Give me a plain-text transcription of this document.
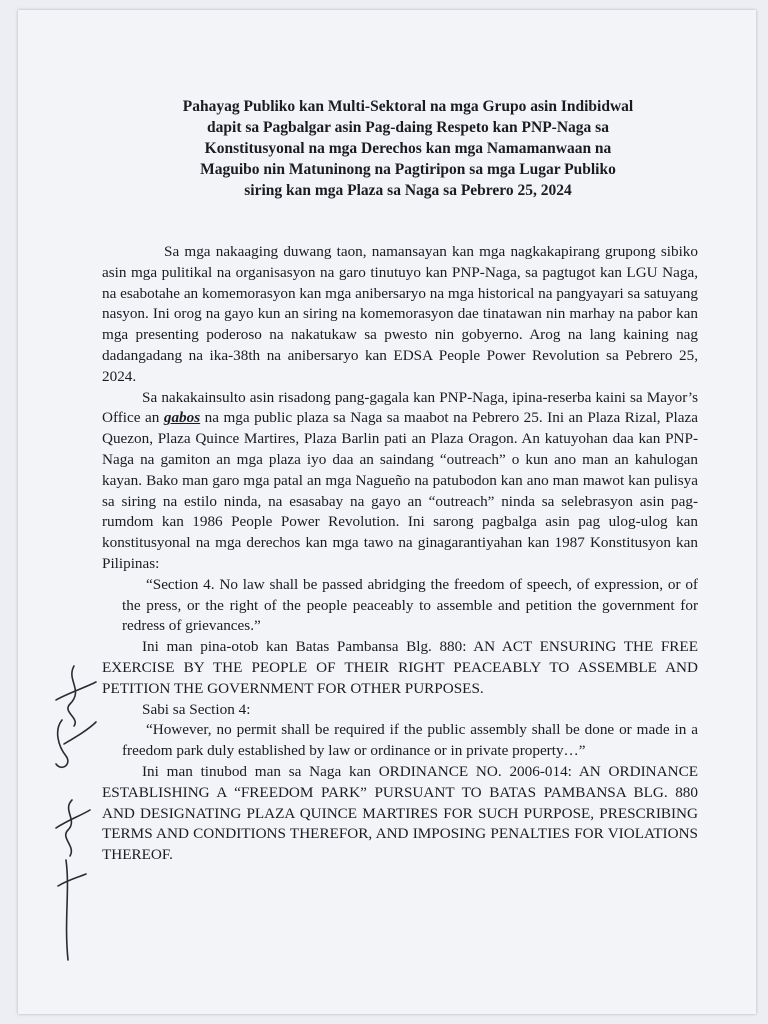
Pahayag Publiko kan Multi-Sektoral na mga Grupo asin Indibidwal
dapit sa Pagbalgar asin Pag-daing Respeto kan PNP-Naga sa
Konstitusyonal na mga Derechos kan mga Namamanwaan na
Maguibo nin Matuninong na Pagtiripon sa mga Lugar Publiko
siring kan mga Plaza sa Naga sa Pebrero 25, 2024
Sa mga nakaaging duwang taon, namansayan kan mga nagkakapirang grupong sibiko asin mga pulitikal na organisasyon na garo tinutuyo kan PNP-Naga, sa pagtugot kan LGU Naga, na esabotahe an komemorasyon kan mga anibersaryo na mga historical na pangyayari sa satuyang nasyon. Ini orog na gayo kun an siring na komemorasyon dae tinatawan nin marhay na pabor kan mga presenting poderoso na nakatukaw sa pwesto nin gobyerno. Arog na lang kaining nag dadangadang na ika-38th na anibersaryo kan EDSA People Power Revolution sa Pebrero 25, 2024.
Sa nakakainsulto asin risadong pang-gagala kan PNP-Naga, ipina-reserba kaini sa Mayor’s Office an gabos na mga public plaza sa Naga sa maabot na Pebrero 25. Ini an Plaza Rizal, Plaza Quezon, Plaza Quince Martires, Plaza Barlin pati an Plaza Oragon. An katuyohan daa kan PNP-Naga na gamiton an mga plaza iyo daa an saindang “outreach” o kun ano man an kahulogan kayan. Bako man garo mga patal an mga Nagueño na patubodon kan ano man mawot kan pulisya sa siring na estilo ninda, na esasabay na gayo an “outreach” ninda sa selebrasyon asin pag-rumdom kan 1986 People Power Revolution. Ini sarong pagbalga asin pag ulog-ulog kan konstitusyonal na mga derechos kan mga tawo na ginagarantiyahan kan 1987 Konstitusyon kan Pilipinas:
“Section 4. No law shall be passed abridging the freedom of speech, of expression, or of the press, or the right of the people peaceably to assemble and petition the government for redress of grievances.”
Ini man pina-otob kan Batas Pambansa Blg. 880: AN ACT ENSURING THE FREE EXERCISE BY THE PEOPLE OF THEIR RIGHT PEACEABLY TO ASSEMBLE AND PETITION THE GOVERNMENT FOR OTHER PURPOSES.
Sabi sa Section 4:
“However, no permit shall be required if the public assembly shall be done or made in a freedom park duly established by law or ordinance or in private property…”
Ini man tinubod man sa Naga kan ORDINANCE NO. 2006-014: AN ORDINANCE ESTABLISHING A “FREEDOM PARK” PURSUANT TO BATAS PAMBANSA BLG. 880 AND DESIGNATING PLAZA QUINCE MARTIRES FOR SUCH PURPOSE, PRESCRIBING TERMS AND CONDITIONS THEREFOR, AND IMPOSING PENALTIES FOR VIOLATIONS THEREOF.
